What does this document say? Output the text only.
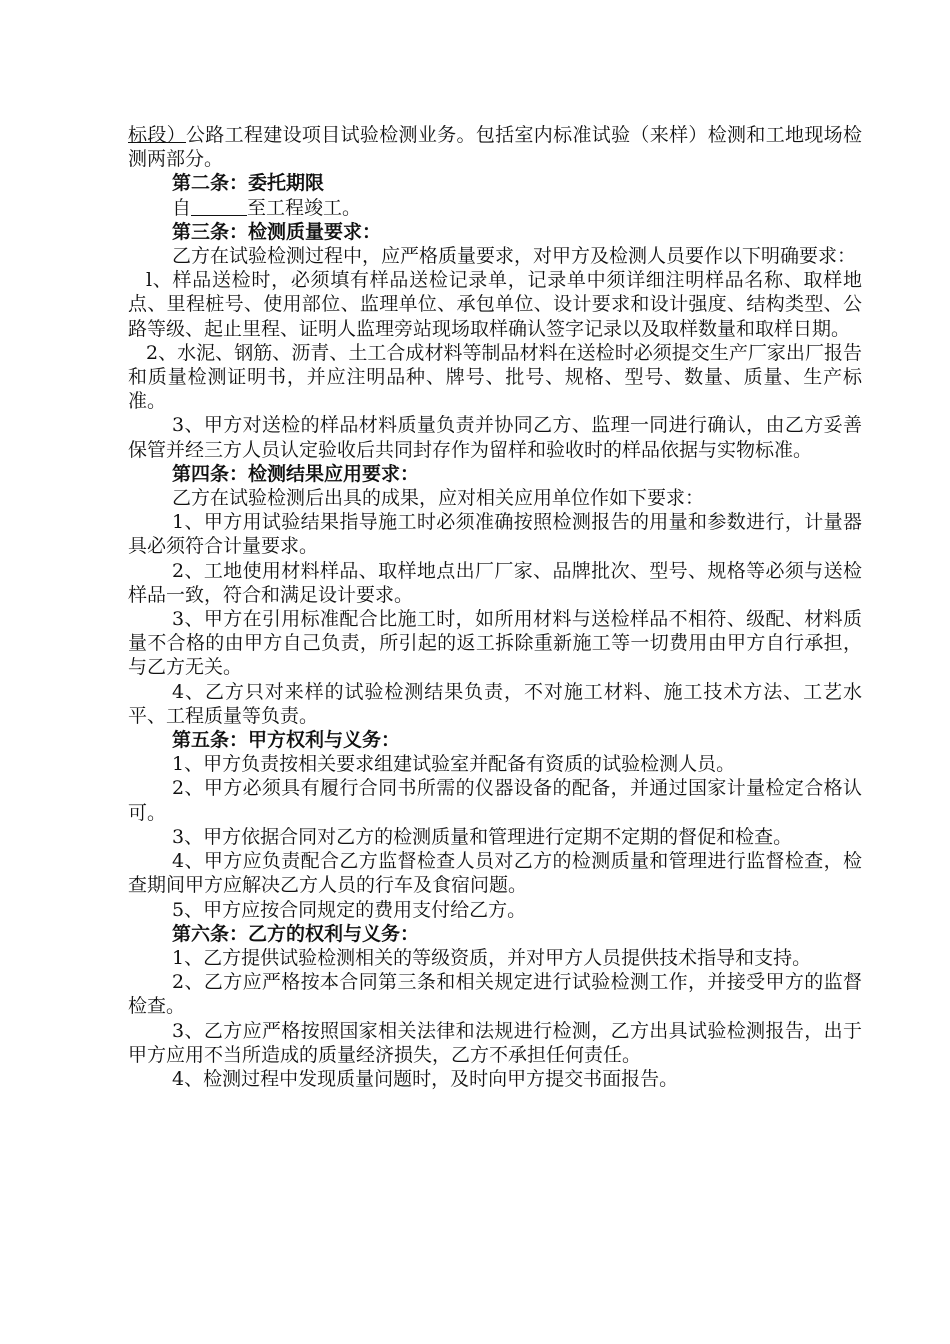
标段）公路工程建设项目试验检测业务。包括室内标准试验（来样）检测和工地现场检测两部分。

第二条：委托期限

自	至工程竣工。

第三条：检测质量要求：

乙方在试验检测过程中，应严格质量要求，对甲方及检测人员要作以下明确要求：

l、样品送检时，必须填有样品送检记录单，记录单中须详细注明样品名称、取样地点、里程桩号、使用部位、监理单位、承包单位、设计要求和设计强度、结构类型、公路等级、起止里程、证明人监理旁站现场取样确认签字记录以及取样数量和取样日期。

2、水泥、钢筋、沥青、土工合成材料等制品材料在送检时必须提交生产厂家出厂报告和质量检测证明书，并应注明品种、牌号、批号、规格、型号、数量、质量、生产标准。

3、甲方对送检的样品材料质量负责并协同乙方、监理一同进行确认，由乙方妥善保管并经三方人员认定验收后共同封存作为留样和验收时的样品依据与实物标准。

第四条：检测结果应用要求：

乙方在试验检测后出具的成果，应对相关应用单位作如下要求：

1、甲方用试验结果指导施工时必须准确按照检测报告的用量和参数进行，计量器具必须符合计量要求。

2、工地使用材料样品、取样地点出厂厂家、品牌批次、型号、规格等必须与送检样品一致，符合和满足设计要求。

3、甲方在引用标准配合比施工时，如所用材料与送检样品不相符、级配、材料质量不合格的由甲方自己负责，所引起的返工拆除重新施工等一切费用由甲方自行承担，与乙方无关。

4、乙方只对来样的试验检测结果负责，不对施工材料、施工技术方法、工艺水平、工程质量等负责。

第五条：甲方权利与义务：

1、甲方负责按相关要求组建试验室并配备有资质的试验检测人员。

2、甲方必须具有履行合同书所需的仪器设备的配备，并通过国家计量检定合格认可。

3、甲方依据合同对乙方的检测质量和管理进行定期不定期的督促和检查。

4、甲方应负责配合乙方监督检查人员对乙方的检测质量和管理进行监督检查，检查期间甲方应解决乙方人员的行车及食宿问题。

5、甲方应按合同规定的费用支付给乙方。

第六条：乙方的权利与义务：

1、乙方提供试验检测相关的等级资质，并对甲方人员提供技术指导和支持。

2、乙方应严格按本合同第三条和相关规定进行试验检测工作，并接受甲方的监督检查。

3、乙方应严格按照国家相关法律和法规进行检测，乙方出具试验检测报告，出于甲方应用不当所造成的质量经济损失，乙方不承担任何责任。

4、检测过程中发现质量问题时，及时向甲方提交书面报告。
